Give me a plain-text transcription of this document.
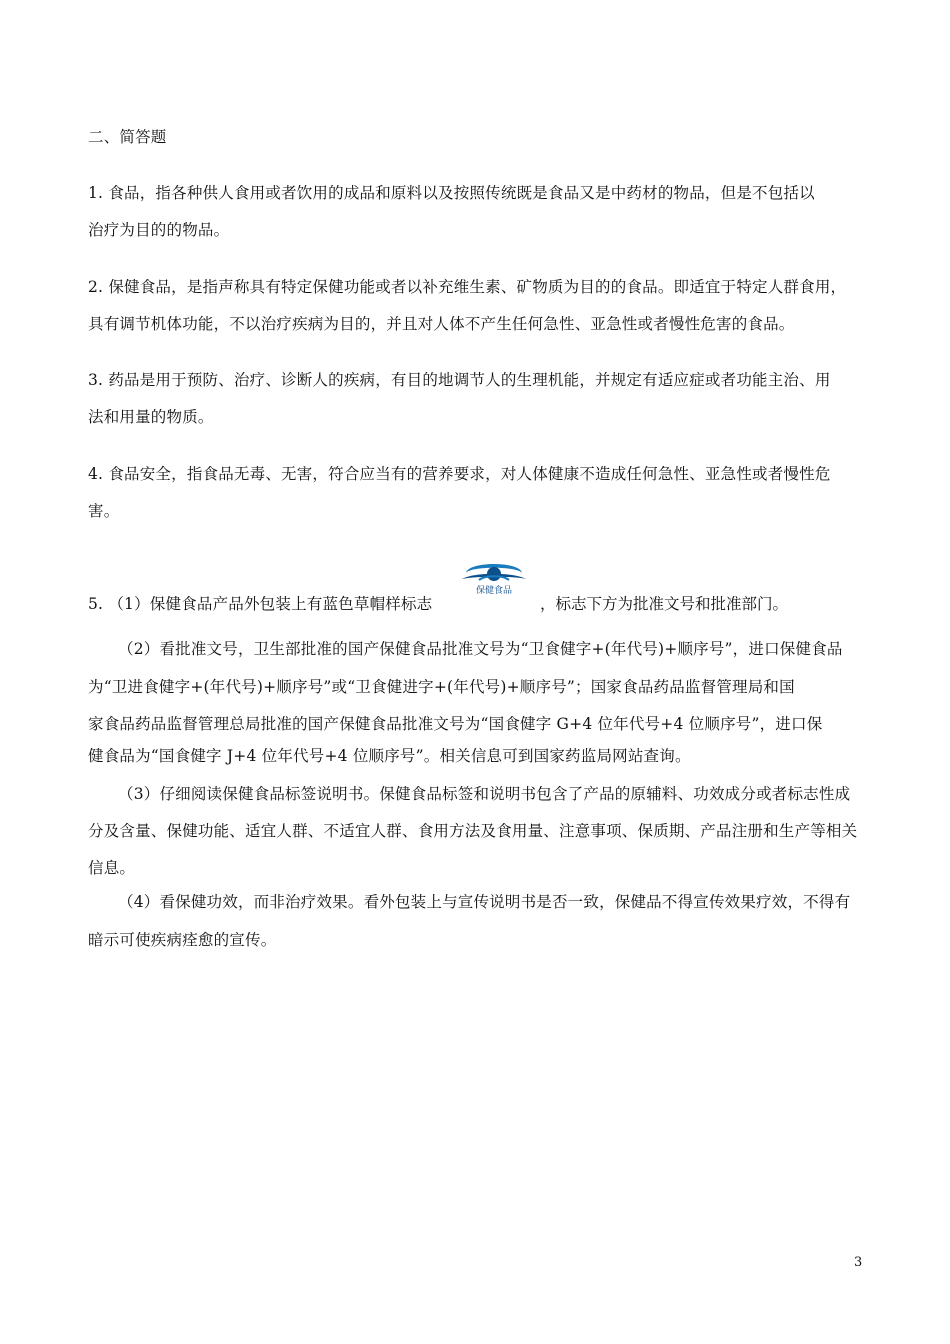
二、简答题
1. 食品，指各种供人食用或者饮用的成品和原料以及按照传统既是食品又是中药材的物品，但是不包括以
治疗为目的的物品。
2. 保健食品，是指声称具有特定保健功能或者以补充维生素、矿物质为目的的食品。即适宜于特定人群食用，
具有调节机体功能，不以治疗疾病为目的，并且对人体不产生任何急性、亚急性或者慢性危害的食品。
3. 药品是用于预防、治疗、诊断人的疾病，有目的地调节人的生理机能，并规定有适应症或者功能主治、用
法和用量的物质。
4. 食品安全，指食品无毒、无害，符合应当有的营养要求，对人体健康不造成任何急性、亚急性或者慢性危
害。
5. （1）保健食品产品外包装上有蓝色草帽样标志
保健食品
，标志下方为批准文号和批准部门。
（2）看批准文号，卫生部批准的国产保健食品批准文号为“卫食健字+(年代号)+顺序号”，进口保健食品
为“卫进食健字+(年代号)+顺序号”或“卫食健进字+(年代号)+顺序号”；国家食品药品监督管理局和国
家食品药品监督管理总局批准的国产保健食品批准文号为“国食健字 G+4 位年代号+4 位顺序号”，进口保
健食品为“国食健字 J+4 位年代号+4 位顺序号”。相关信息可到国家药监局网站查询。
（3）仔细阅读保健食品标签说明书。保健食品标签和说明书包含了产品的原辅料、功效成分或者标志性成
分及含量、保健功能、适宜人群、不适宜人群、食用方法及食用量、注意事项、保质期、产品注册和生产等相关
信息。
（4）看保健功效，而非治疗效果。看外包装上与宣传说明书是否一致，保健品不得宣传效果疗效，不得有
暗示可使疾病痊愈的宣传。
3
